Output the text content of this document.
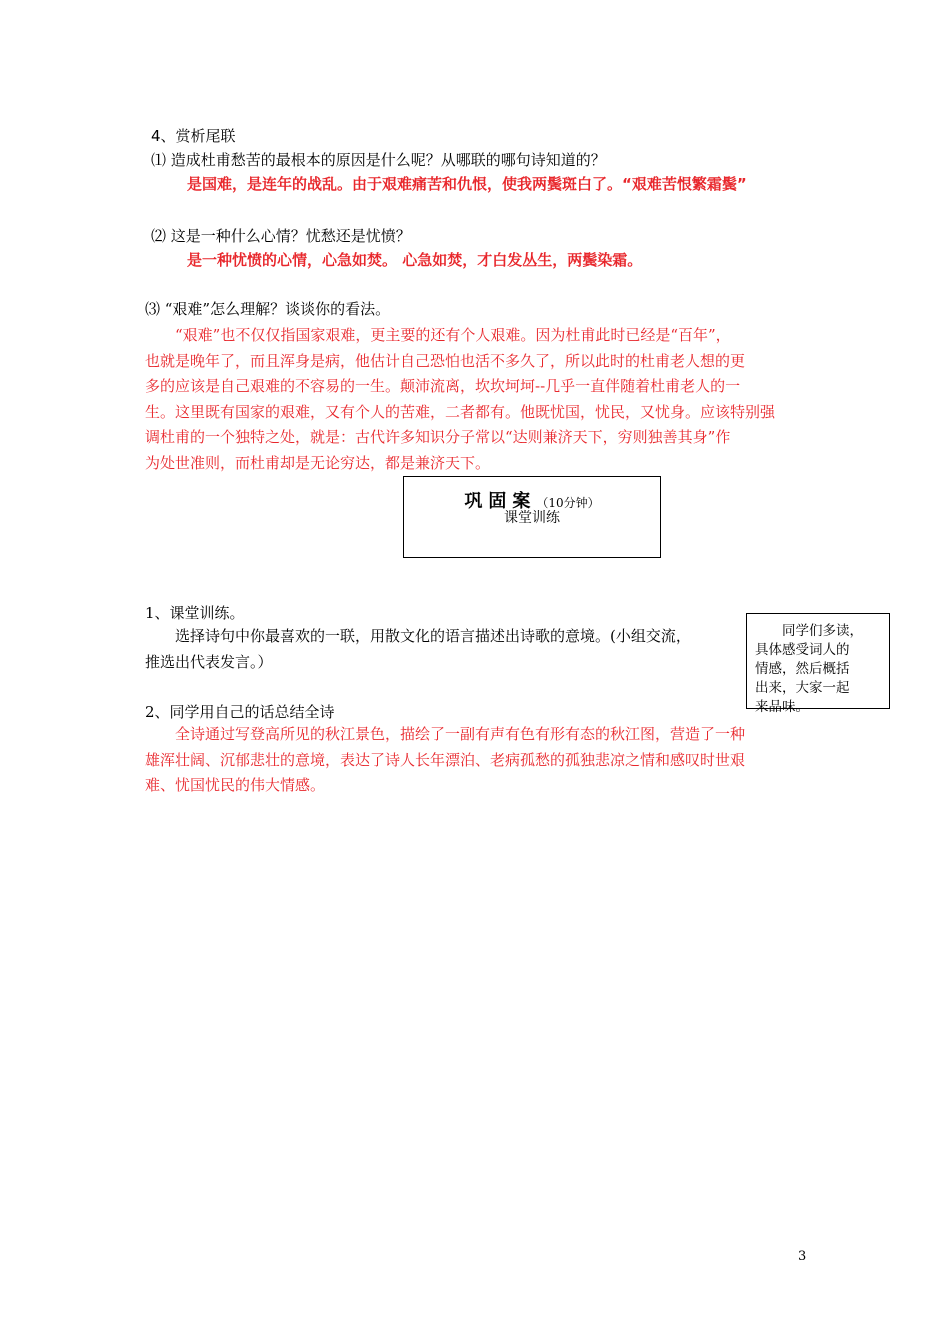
4、赏析尾联
⑴ 造成杜甫愁苦的最根本的原因是什么呢？从哪联的哪句诗知道的？
是国难，是连年的战乱。由于艰难痛苦和仇恨，使我两鬓斑白了。“艰难苦恨繁霜鬓”
⑵ 这是一种什么心情？忧愁还是忧愤？
是一种忧愤的心情，心急如焚。 心急如焚，才白发丛生，两鬓染霜。
⑶ “艰难”怎么理解？谈谈你的看法。

“艰难”也不仅仅指国家艰难，更主要的还有个人艰难。因为杜甫此时已经是“百年”，

也就是晚年了，而且浑身是病，他估计自己恐怕也活不多久了，所以此时的杜甫老人想的更

多的应该是自己艰难的不容易的一生。颠沛流离，坎坎坷坷--几乎一直伴随着杜甫老人的一

生。这里既有国家的艰难，又有个人的苦难，二者都有。他既忧国，忧民，又忧身。应该特别强

调杜甫的一个独特之处，就是：古代许多知识分子常以“达则兼济天下，穷则独善其身”作

为处世准则，而杜甫却是无论穷达，都是兼济天下。

巩固案（10分钟）
课堂训练
1、课堂训练。

选择诗句中你最喜欢的一联，用散文化的语言描述出诗歌的意境。(小组交流，

推选出代表发言。）

同学们多读，

具体感受词人的

情感，然后概括

出来，大家一起

来品味。

2、同学用自己的话总结全诗

全诗通过写登高所见的秋江景色，描绘了一副有声有色有形有态的秋江图，营造了一种

雄浑壮阔、沉郁悲壮的意境，表达了诗人长年漂泊、老病孤愁的孤独悲凉之情和感叹时世艰

难、忧国忧民的伟大情感。

3
